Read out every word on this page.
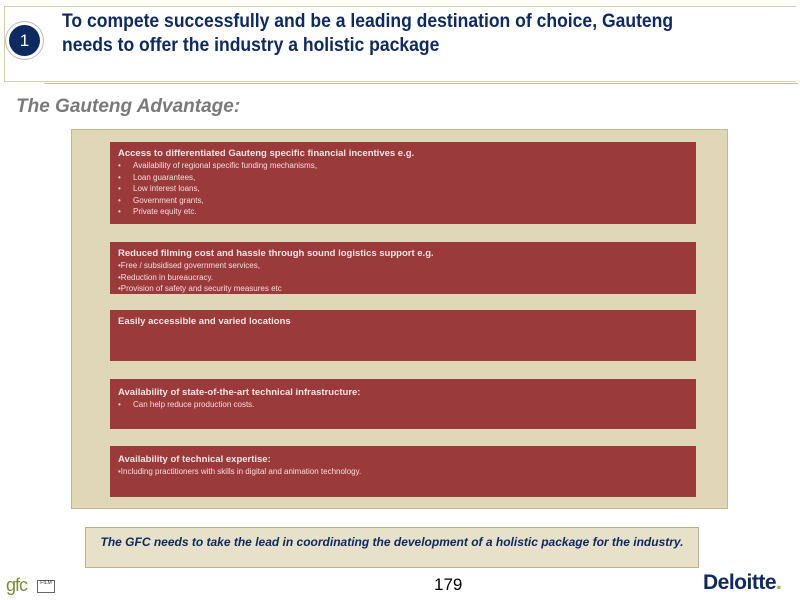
1
To compete successfully and be a leading destination of choice, Gauteng
needs to offer the industry a holistic package
The Gauteng Advantage:
Access to differentiated Gauteng specific financial incentives e.g.
• Availability of regional specific funding mechanisms,
• Loan guarantees,
• Low interest loans,
• Government grants,
• Private equity etc.
Reduced filming cost and hassle through sound logistics support e.g.
•Free / subsidised government services,
•Reduction in bureaucracy.
•Provision of safety and security measures etc
Easily accessible and varied locations
Availability of state-of-the-art technical infrastructure:
• Can help reduce production costs.
Availability of technical expertise:
•Including practitioners with skills in digital and animation technology.
The GFC needs to take the lead in coordinating the development of a holistic package for the industry.
179
gfc	FILM	Deloitte.
